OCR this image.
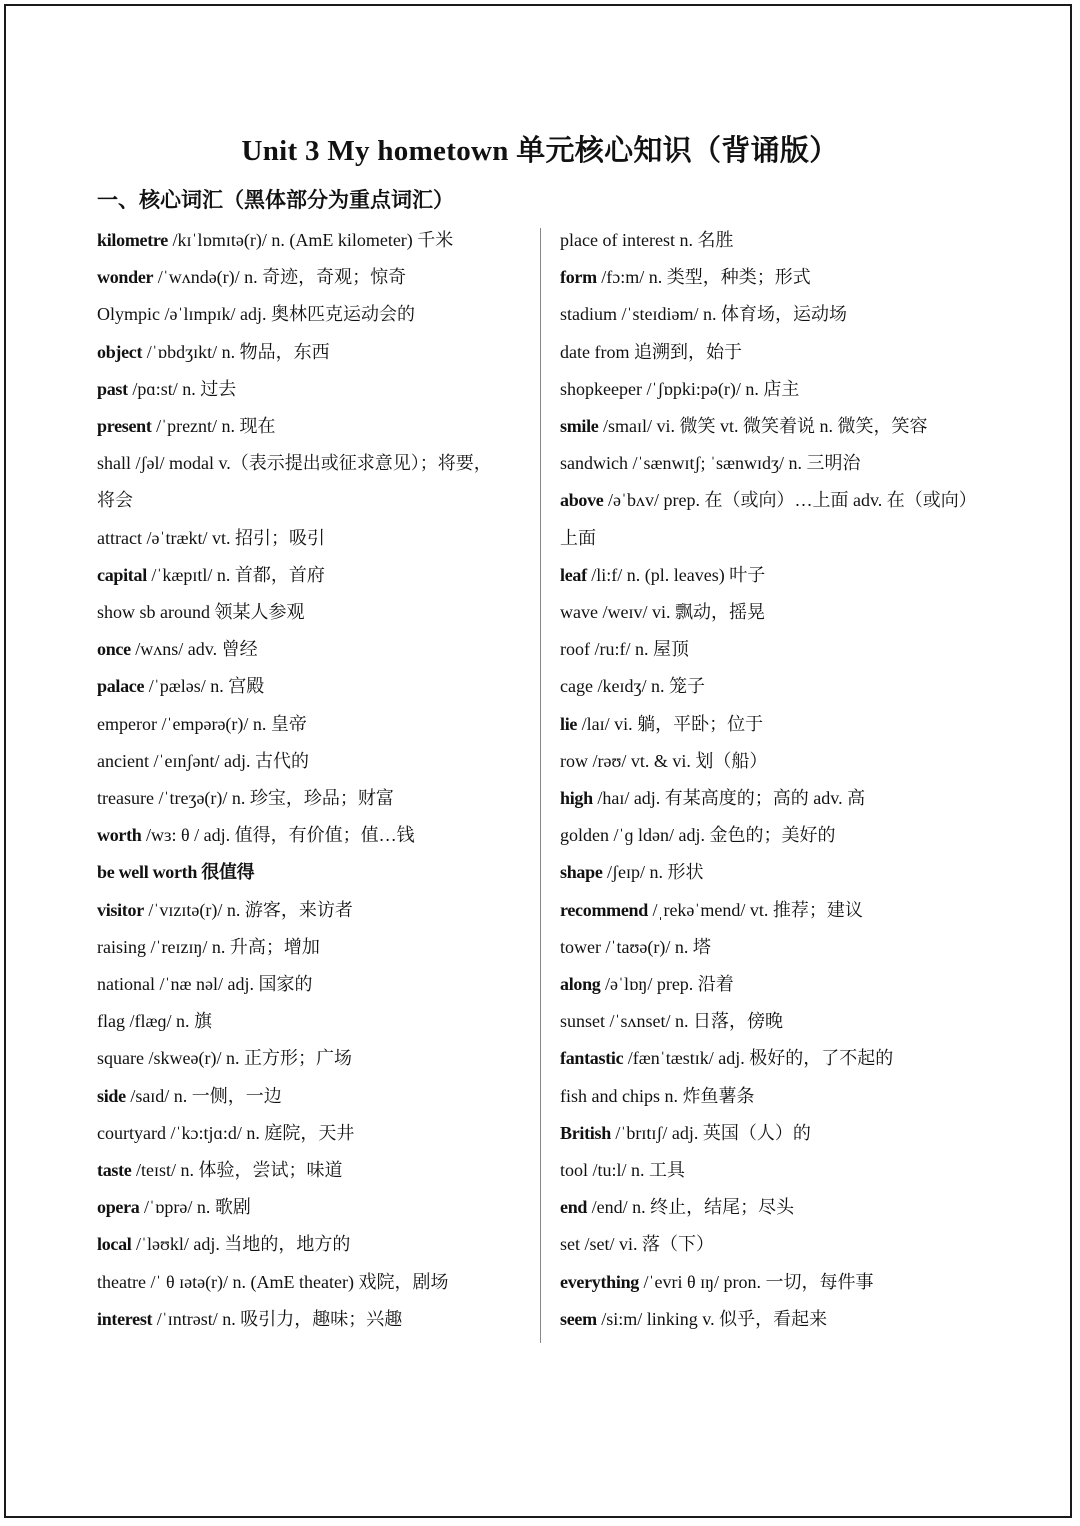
Unit 3 My hometown 单元核心知识（背诵版）
一、核心词汇（黑体部分为重点词汇）
kilometre /kɪˈlɒmɪtə(r)/ n. (AmE kilometer) 千米
wonder /ˈwʌndə(r)/ n. 奇迹，奇观；惊奇
Olympic /əˈlɪmpɪk/ adj. 奥林匹克运动会的
object /ˈɒbdʒɪkt/ n. 物品，东西
past /pɑ:st/ n. 过去
present /ˈpreznt/ n. 现在
shall /ʃəl/ modal v.（表示提出或征求意见）；将要，
将会
attract /əˈtrækt/ vt. 招引；吸引
capital /ˈkæpɪtl/ n. 首都，首府
show sb around 领某人参观
once /wʌns/ adv. 曾经
palace /ˈpæləs/ n. 宫殿
emperor /ˈempərə(r)/ n. 皇帝
ancient /ˈeɪnʃənt/ adj. 古代的
treasure /ˈtreʒə(r)/ n. 珍宝，珍品；财富
worth /wɜ: θ / adj. 值得，有价值；值…钱
be well worth 很值得
visitor /ˈvɪzɪtə(r)/ n. 游客，来访者
raising /ˈreɪzɪŋ/ n. 升高；增加
national /ˈnæ nəl/ adj. 国家的
flag /flæɡ/ n. 旗
square /skweə(r)/ n. 正方形；广场
side /saɪd/ n. 一侧，一边
courtyard /ˈkɔ:tjɑ:d/ n. 庭院，天井
taste /teɪst/ n. 体验，尝试；味道
opera /ˈɒprə/ n. 歌剧
local /ˈləʊkl/ adj. 当地的，地方的
theatre /ˈ θ ɪətə(r)/ n. (AmE theater) 戏院，剧场
interest /ˈɪntrəst/ n. 吸引力，趣味；兴趣
place of interest n. 名胜
form /fɔ:m/ n. 类型，种类；形式
stadium /ˈsteɪdiəm/ n. 体育场，运动场
date from 追溯到，始于
shopkeeper /ˈʃɒpki:pə(r)/ n. 店主
smile /smaɪl/ vi. 微笑 vt. 微笑着说 n. 微笑，笑容
sandwich /ˈsænwɪtʃ; ˈsænwɪdʒ/ n. 三明治
above /əˈbʌv/ prep. 在（或向）…上面 adv. 在（或向）
上面
leaf /li:f/ n. (pl. leaves) 叶子
wave /weɪv/ vi. 飘动，摇晃
roof /ru:f/ n. 屋顶
cage /keɪdʒ/ n. 笼子
lie /laɪ/ vi. 躺，平卧；位于
row /rəʊ/ vt. & vi. 划（船）
high /haɪ/ adj. 有某高度的；高的 adv. 高
golden /ˈɡ ldən/ adj. 金色的；美好的
shape /ʃeɪp/ n. 形状
recommend /ˌrekəˈmend/ vt. 推荐；建议
tower /ˈtaʊə(r)/ n. 塔
along /əˈlɒŋ/ prep. 沿着
sunset /ˈsʌnset/ n. 日落，傍晚
fantastic /fænˈtæstɪk/ adj. 极好的，了不起的
fish and chips n. 炸鱼薯条
British /ˈbrɪtɪʃ/ adj. 英国（人）的
tool /tu:l/ n. 工具
end /end/ n. 终止，结尾；尽头
set /set/ vi. 落（下）
everything /ˈevri θ ɪŋ/ pron. 一切，每件事
seem /si:m/ linking v. 似乎，看起来
